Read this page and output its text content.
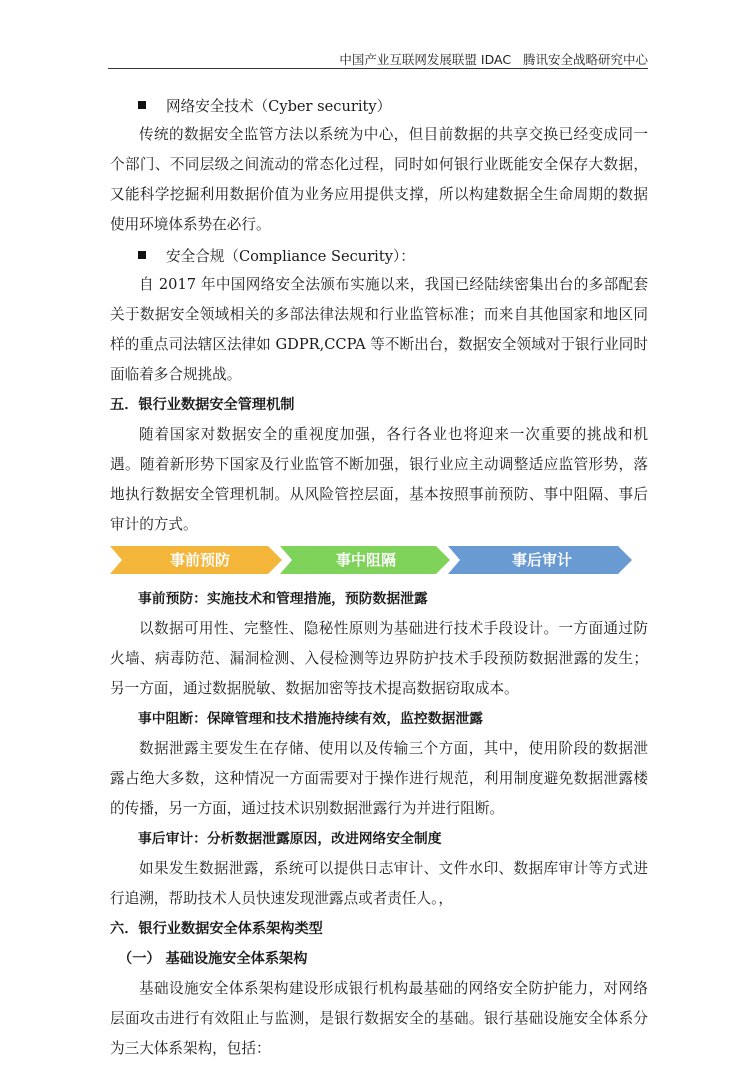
中国产业互联网发展联盟 IDAC 腾讯安全战略研究中心
网络安全技术（Cyber security）

传统的数据安全监管方法以系统为中心，但目前数据的共享交换已经变成同一个部门、不同层级之间流动的常态化过程，同时如何银行业既能安全保存大数据，又能科学挖掘利用数据价值为业务应用提供支撑，所以构建数据全生命周期的数据使用环境体系势在必行。

安全合规（Compliance Security）：

自 2017 年中国网络安全法颁布实施以来，我国已经陆续密集出台的多部配套关于数据安全领域相关的多部法律法规和行业监管标准；而来自其他国家和地区同样的重点司法辖区法律如 GDPR,CCPA 等不断出台，数据安全领域对于银行业同时面临着多合规挑战。

五．银行业数据安全管理机制

随着国家对数据安全的重视度加强，各行各业也将迎来一次重要的挑战和机遇。随着新形势下国家及行业监管不断加强，银行业应主动调整适应监管形势，落地执行数据安全管理机制。从风险管控层面，基本按照事前预防、事中阻隔、事后审计的方式。

事前预防	事中阻隔	事后审计
事前预防：实施技术和管理措施，预防数据泄露

以数据可用性、完整性、隐秘性原则为基础进行技术手段设计。一方面通过防火墙、病毒防范、漏洞检测、入侵检测等边界防护技术手段预防数据泄露的发生；另一方面，通过数据脱敏、数据加密等技术提高数据窃取成本。

事中阻断：保障管理和技术措施持续有效，监控数据泄露

数据泄露主要发生在存储、使用以及传输三个方面，其中，使用阶段的数据泄露占绝大多数，这种情况一方面需要对于操作进行规范，利用制度避免数据泄露楼的传播，另一方面，通过技术识别数据泄露行为并进行阻断。

事后审计：分析数据泄露原因，改进网络安全制度

如果发生数据泄露，系统可以提供日志审计、文件水印、数据库审计等方式进行追溯，帮助技术人员快速发现泄露点或者责任人。，

六．银行业数据安全体系架构类型
（一） 基础设施安全体系架构

基础设施安全体系架构建设形成银行机构最基础的网络安全防护能力，对网络层面攻击进行有效阻止与监测，是银行数据安全的基础。银行基础设施安全体系分为三大体系架构，包括：
